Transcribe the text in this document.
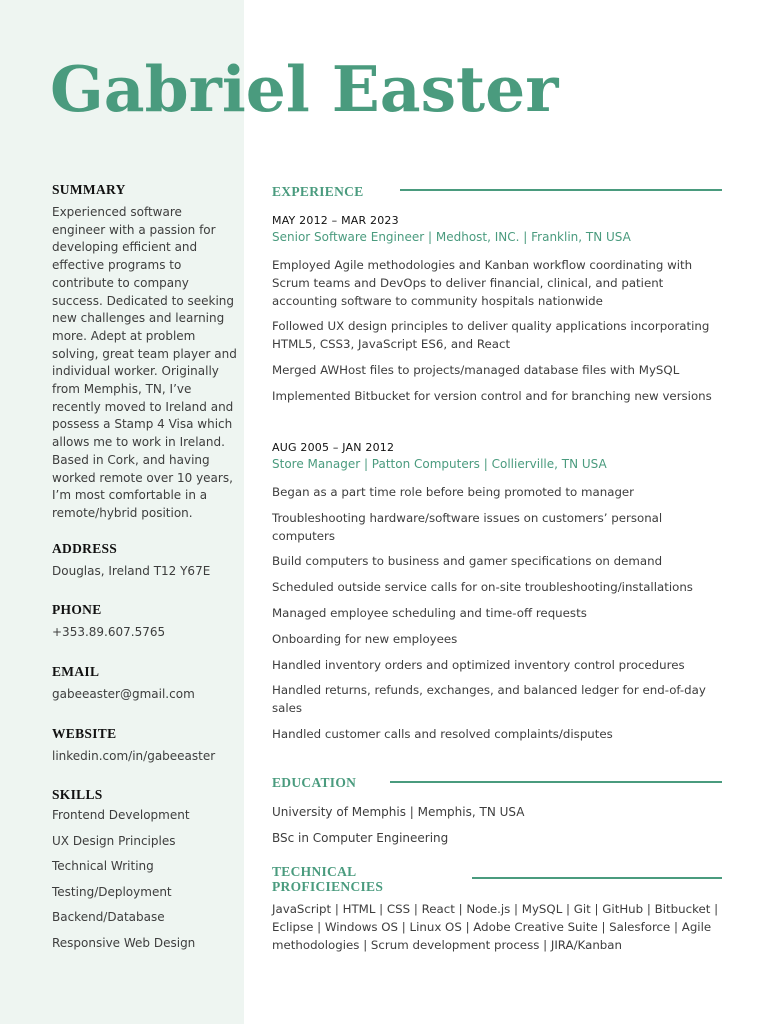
Gabriel Easter
SUMMARY

Experienced software engineer with a passion for developing efficient and effective programs to contribute to company success. Dedicated to seeking new challenges and learning more. Adept at problem solving, great team player and individual worker. Originally from Memphis, TN, I’ve recently moved to Ireland and possess a Stamp 4 Visa which allows me to work in Ireland. Based in Cork, and having worked remote over 10 years, I’m most comfortable in a remote/hybrid position.

ADDRESS

Douglas, Ireland T12 Y67E

PHONE

+353.89.607.5765

EMAIL

gabeeaster@gmail.com

WEBSITE

linkedin.com/in/gabeeaster

SKILLS
Frontend Development
UX Design Principles
Technical Writing
Testing/Deployment
Backend/Database
Responsive Web Design
EXPERIENCE

MAY 2012 – MAR 2023

Senior Software Engineer | Medhost, INC. | Franklin, TN USA

Employed Agile methodologies and Kanban workflow coordinating with Scrum teams and DevOps to deliver financial, clinical, and patient accounting software to community hospitals nationwide

Followed UX design principles to deliver quality applications incorporating HTML5, CSS3, JavaScript ES6, and React

Merged AWHost files to projects/managed database files with MySQL

Implemented Bitbucket for version control and for branching new versions

AUG 2005 – JAN 2012

Store Manager | Patton Computers | Collierville, TN USA

Began as a part time role before being promoted to manager

Troubleshooting hardware/software issues on customers’ personal computers

Build computers to business and gamer specifications on demand

Scheduled outside service calls for on-site troubleshooting/installations

Managed employee scheduling and time-off requests

Onboarding for new employees

Handled inventory orders and optimized inventory control procedures

Handled returns, refunds, exchanges, and balanced ledger for end-of-day sales

Handled customer calls and resolved complaints/disputes

EDUCATION

University of Memphis | Memphis, TN USA

BSc in Computer Engineering

TECHNICAL
PROFICIENCIES

JavaScript | HTML | CSS | React | Node.js | MySQL | Git | GitHub | Bitbucket | Eclipse | Windows OS | Linux OS | Adobe Creative Suite | Salesforce | Agile methodologies | Scrum development process | JIRA/Kanban
